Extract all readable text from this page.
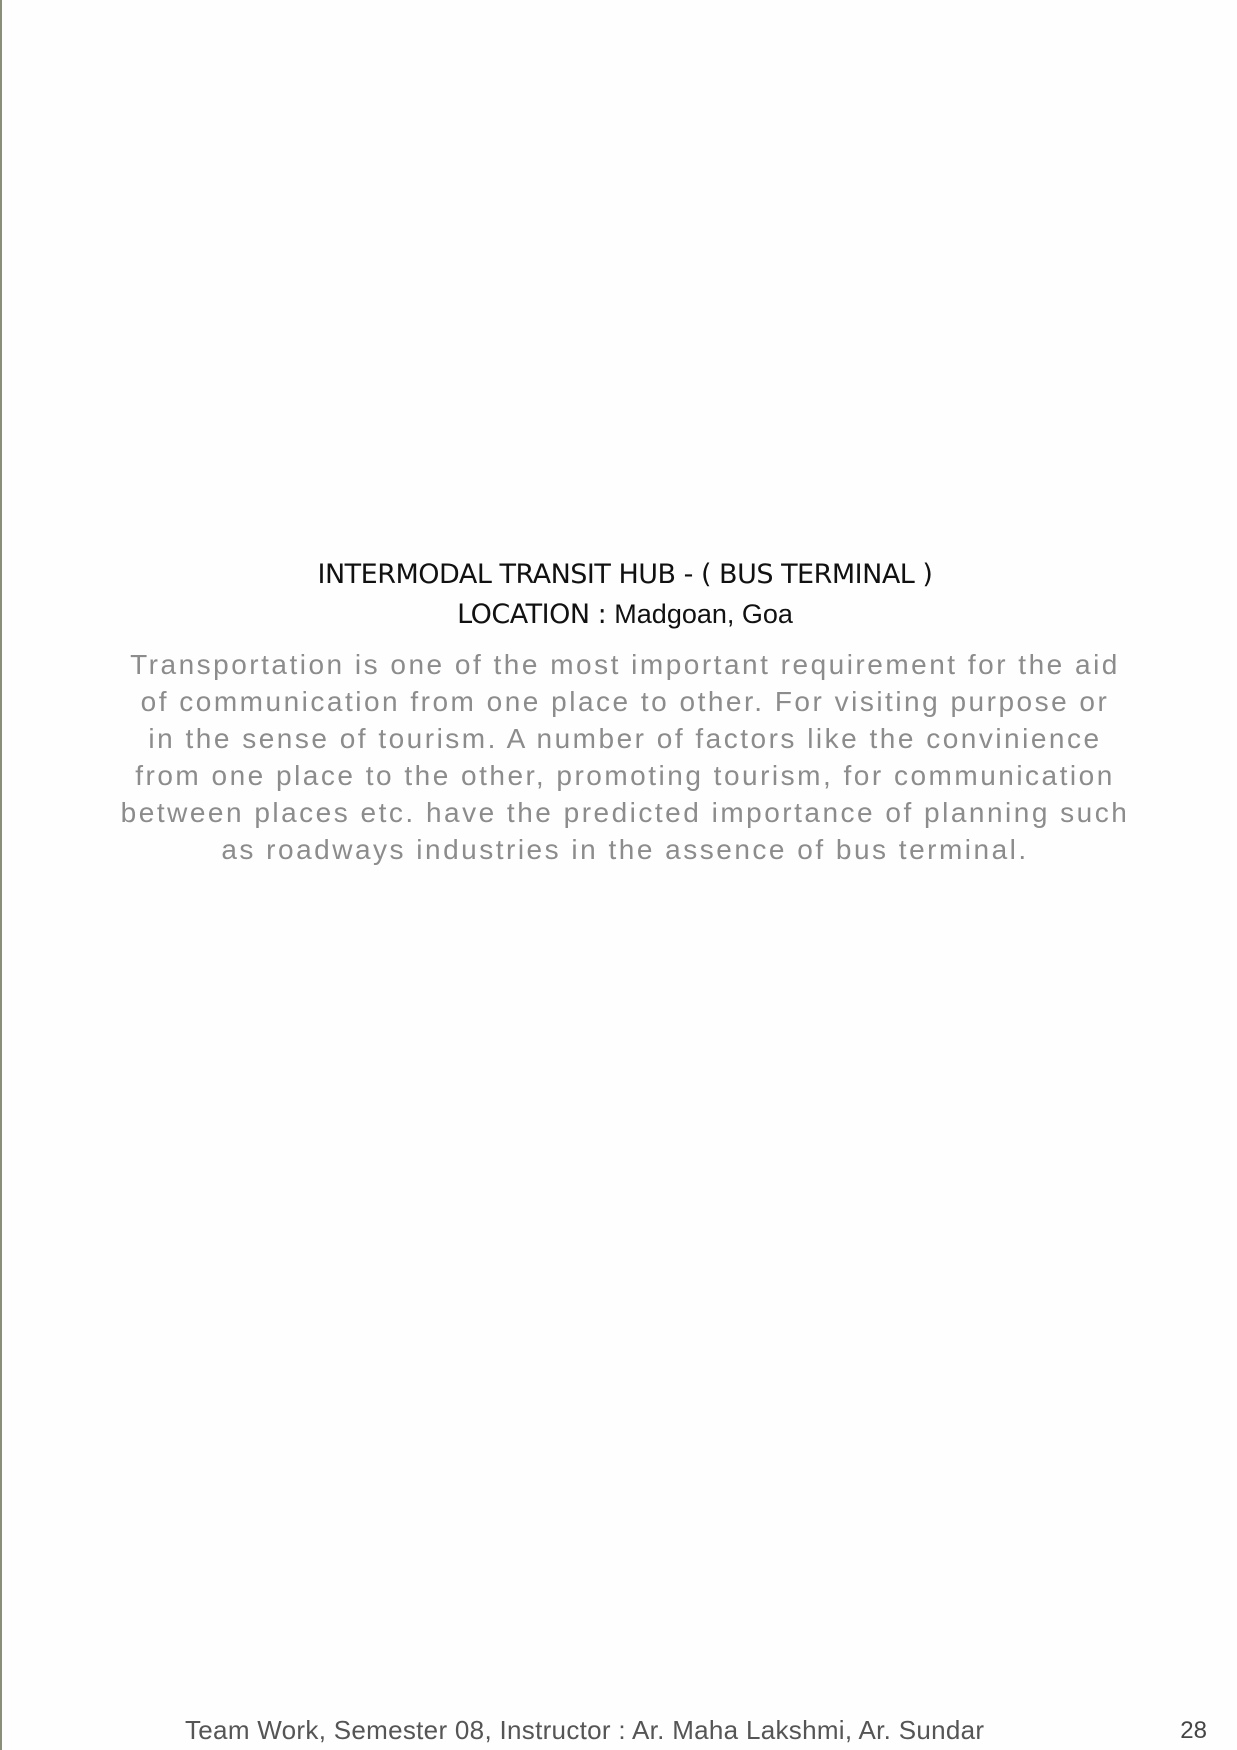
INTERMODAL TRANSIT HUB - ( BUS TERMINAL )

LOCATION : Madgoan, Goa

Transportation is one of the most important requirement for the aid
of communication from one place to other. For visiting purpose or
in the sense of tourism. A number of factors like the convinience
from one place to the other, promoting tourism, for communication
between places etc. have the predicted importance of planning such
as roadways industries in the assence of bus terminal.
Team Work, Semester 08, Instructor : Ar. Maha Lakshmi, Ar. Sundar	28
